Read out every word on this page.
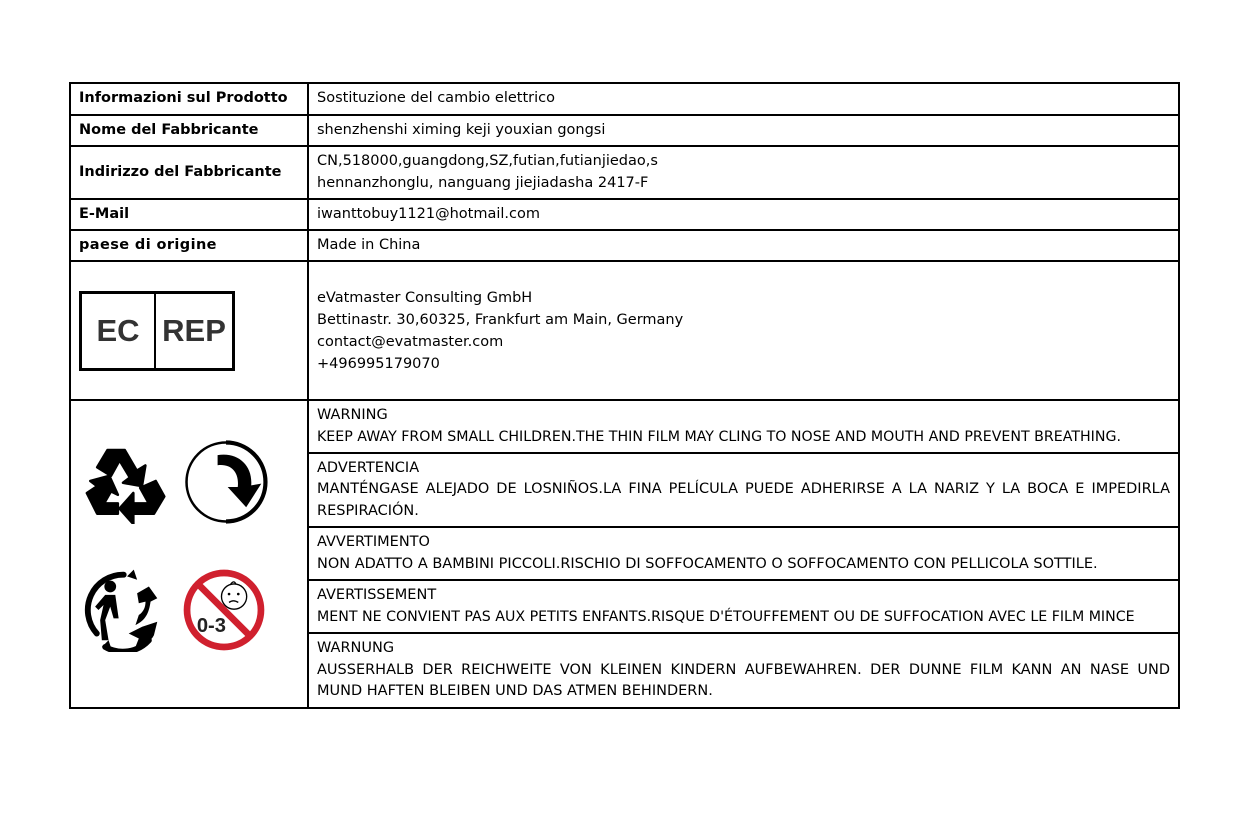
Informazioni sul Prodotto	Sostituzione del cambio elettrico
Nome del Fabbricante	shenzhenshi ximing keji youxian gongsi
Indirizzo del Fabbricante	CN,518000,guangdong,SZ,futian,futianjiedao,s
hennanzhonglu, nanguang jiejiadasha 2417-F

E-Mail	iwanttobuy1121@hotmail.com
paese di origine	Made in China

EC REP	eVatmaster Consulting GmbH
Bettinastr. 30,60325, Frankfurt am Main, Germany
contact@evatmaster.com
+496995179070

0-3	WARNING
KEEP AWAY FROM SMALL CHILDREN.THE THIN FILM MAY CLING TO NOSE AND MOUTH AND PREVENT BREATHING.

	ADVERTENCIA
MANTÉNGASE ALEJADO DE LOSNIÑOS.LA FINA PELÍCULA PUEDE ADHERIRSE A LA NARIZ Y LA BOCA E IMPEDIRLA RESPIRACIÓN.

	AVVERTIMENTO
NON ADATTO A BAMBINI PICCOLI.RISCHIO DI SOFFOCAMENTO O SOFFOCAMENTO CON PELLICOLA SOTTILE.

	AVERTISSEMENT
MENT NE CONVIENT PAS AUX PETITS ENFANTS.RISQUE D'ÉTOUFFEMENT OU DE SUFFOCATION AVEC LE FILM MINCE

	WARNUNG
AUSSERHALB DER REICHWEITE VON KLEINEN KINDERN AUFBEWAHREN. DER DUNNE FILM KANN AN NASE UND MUND HAFTEN BLEIBEN UND DAS ATMEN BEHINDERN.
